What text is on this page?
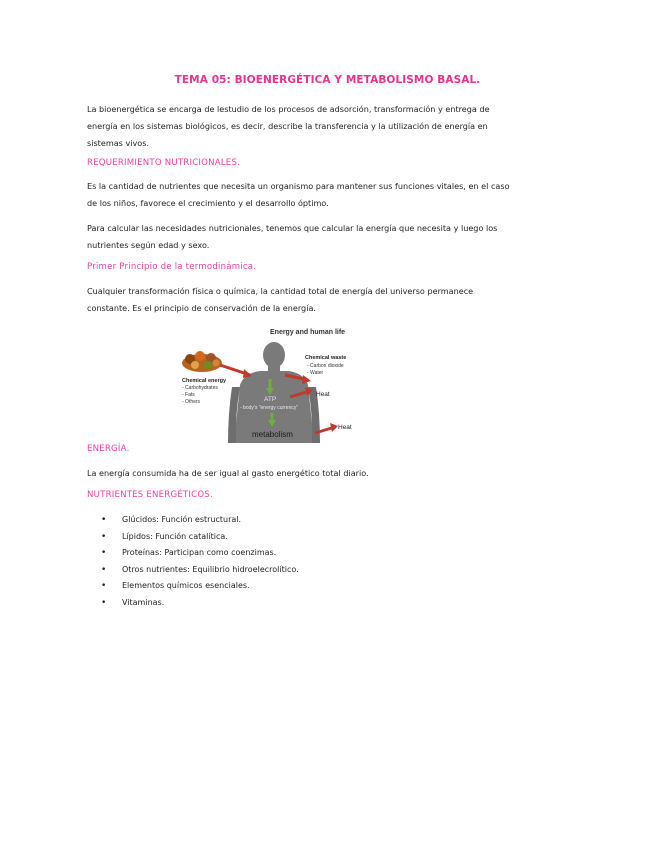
TEMA 05: BIOENERGÉTICA Y METABOLISMO BASAL.
La bioenergética se encarga de lestudio de los procesos de adsorción, transformación y entrega de energía en los sistemas biológicos, es decir, describe la transferencia y la utilización de energía en sistemas vivos.
REQUERIMIENTO NUTRICIONALES.
Es la cantidad de nutrientes que necesita un organismo para mantener sus funciones vitales, en el caso de los niños, favorece el crecimiento y el desarrollo óptimo.
Para calcular las necesidades nutricionales, tenemos que calcular la energía que necesita y luego los nutrientes según edad y sexo.
Primer Principio de la termodinámica.
Cualquier transformación física o química, la cantidad total de energía del universo permanece constante. Es el principio de conservación de la energía.
Energy and human life
Chemical energy
- Carbohydrates
- Fats
- Others
Chemical waste
- Carbon dioxide
- Water
ATP
- body's "energy currency"
Heat
Heat
metabolism
ENERGÍA.
La energía consumida ha de ser igual al gasto energético total diario.
NUTRIENTES ENERGÉTICOS.
• Glúcidos: Función estructural.
• Lípidos: Función catalítica.
• Proteínas: Participan como coenzimas.
• Otros nutrientes: Equilibrio hidroelecrolítico.
• Elementos químicos esenciales.
• Vitaminas.
